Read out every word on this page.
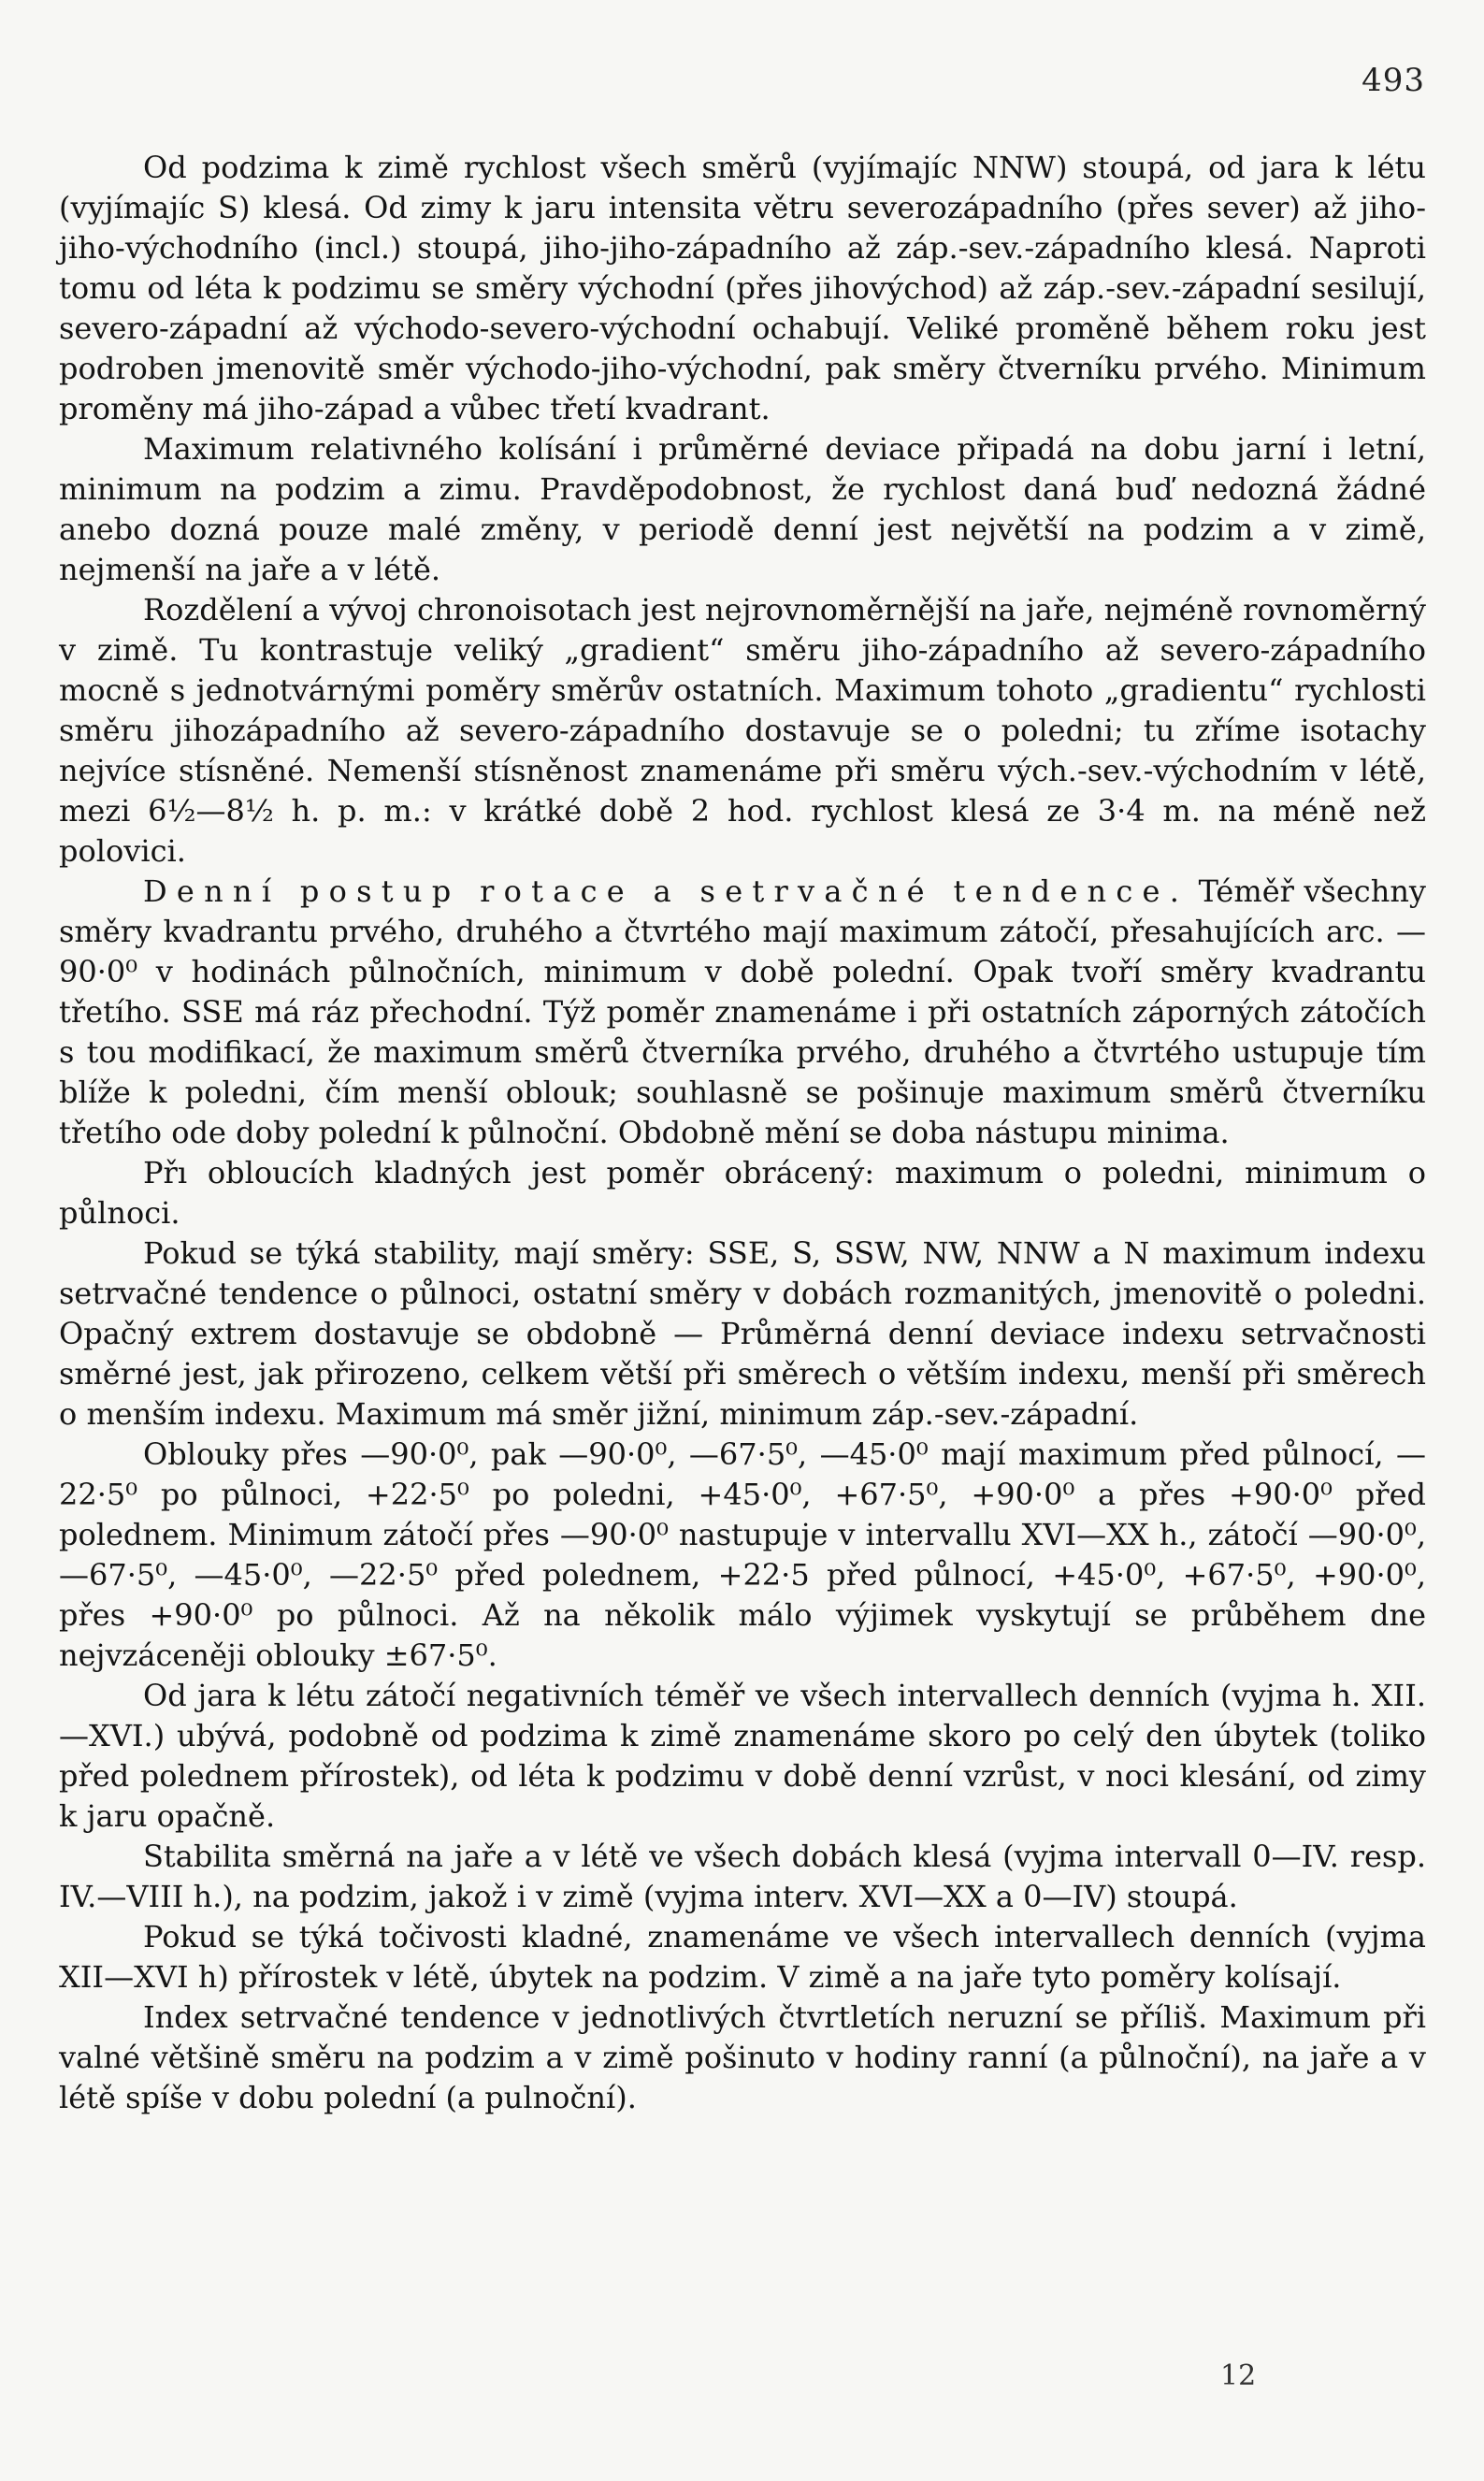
493

Od podzima k zimě rychlost všech směrů (vyjímajíc NNW) stoupá, od jara k létu (vyjímajíc S) klesá. Od zimy k jaru intensita větru severozápadního (přes sever) až jiho-jiho-východního (incl.) stoupá, jiho-jiho-západního až záp.-sev.-západního klesá. Naproti tomu od léta k podzimu se směry východní (přes jihovýchod) až záp.-sev.-západní sesilují, severo-západní až východo-severo-východní ochabují. Veliké proměně během roku jest podroben jmenovitě směr východo-jiho-východní, pak směry čtverníku prvého. Minimum proměny má jiho-západ a vůbec třetí kvadrant.

Maximum relativného kolísání i průměrné deviace připadá na dobu jarní i letní, minimum na podzim a zimu. Pravděpodobnost, že rychlost daná buď nedozná žádné anebo dozná pouze malé změny, v periodě denní jest největší na podzim a v zimě, nejmenší na jaře a v létě.

Rozdělení a vývoj chronoisotach jest nejrovnoměrnější na jaře, nejméně rovnoměrný v zimě. Tu kontrastuje veliký „gradient“ směru jiho-západního až severo-západního mocně s jednotvárnými poměry směrův ostatních. Maximum tohoto „gradientu“ rychlosti směru jihozápadního až severo-západního dostavuje se o poledni; tu zříme isotachy nejvíce stísněné. Nemenší stísněnost znamenáme při směru vých.-sev.-východním v létě, mezi 6½—8½ h. p. m.: v krátké době 2 hod. rychlost klesá ze 3·4 m. na méně než polovici.

Denní postup rotace a setrvačné tendence. Téměř všechny směry kvadrantu prvého, druhého a čtvrtého mají maximum zátočí, přesahujících arc. — 90·0⁰ v hodinách půlnočních, minimum v době polední. Opak tvoří směry kvadrantu třetího. SSE má ráz přechodní. Týž poměr znamenáme i při ostatních záporných zátočích s tou modifikací, že maximum směrů čtverníka prvého, druhého a čtvrtého ustupuje tím blíže k poledni, čím menší oblouk; souhlasně se pošinuje maximum směrů čtverníku třetího ode doby polední k půlnoční. Obdobně mění se doba nástupu minima.

Přı obloucích kladných jest poměr obrácený: maximum o poledni, minimum o půlnoci.

Pokud se týká stability, mají směry: SSE, S, SSW, NW, NNW a N maximum indexu setrvačné tendence o půlnoci, ostatní směry v dobách rozmanitých, jmenovitě o poledni. Opačný extrem dostavuje se obdobně — Průměrná denní deviace indexu setrvačnosti směrné jest, jak přirozeno, celkem větší při směrech o větším indexu, menší při směrech o menším indexu. Maximum má směr jižní, minimum záp.-sev.-západní.

Oblouky přes —90·0⁰, pak —90·0⁰, —67·5⁰, —45·0⁰ mají maximum před půlnocí, —22·5⁰ po půlnoci, +22·5⁰ po poledni, +45·0⁰, +67·5⁰, +90·0⁰ a přes +90·0⁰ před polednem. Minimum zátočí přes —90·0⁰ nastupuje v intervallu XVI—XX h., zátočí —90·0⁰, —67·5⁰, —45·0⁰, —22·5⁰ před polednem, +22·5 před půlnocí, +45·0⁰, +67·5⁰, +90·0⁰, přes +90·0⁰ po půlnoci. Až na několik málo výjimek vyskytují se průběhem dne nejvzáceněji oblouky ±67·5⁰.

Od jara k létu zátočí negativních téměř ve všech intervallech denních (vyjma h. XII.—XVI.) ubývá, podobně od podzima k zimě znamenáme skoro po celý den úbytek (toliko před polednem přírostek), od léta k podzimu v době denní vzrůst, v noci klesání, od zimy k jaru opačně.

Stabilita směrná na jaře a v létě ve všech dobách klesá (vyjma intervall 0—IV. resp. IV.—VIII h.), na podzim, jakož i v zimě (vyjma interv. XVI—XX a 0—IV) stoupá.

Pokud se týká točivosti kladné, znamenáme ve všech intervallech denních (vyjma XII—XVI h) přírostek v létě, úbytek na podzim. V zimě a na jaře tyto poměry kolísají.

Index setrvačné tendence v jednotlivých čtvrtletích neruzní se příliš. Maximum při valné většině směru na podzim a v zimě pošinuto v hodiny ranní (a půlnoční), na jaře a v létě spíše v dobu polední (a pulnoční).

12
